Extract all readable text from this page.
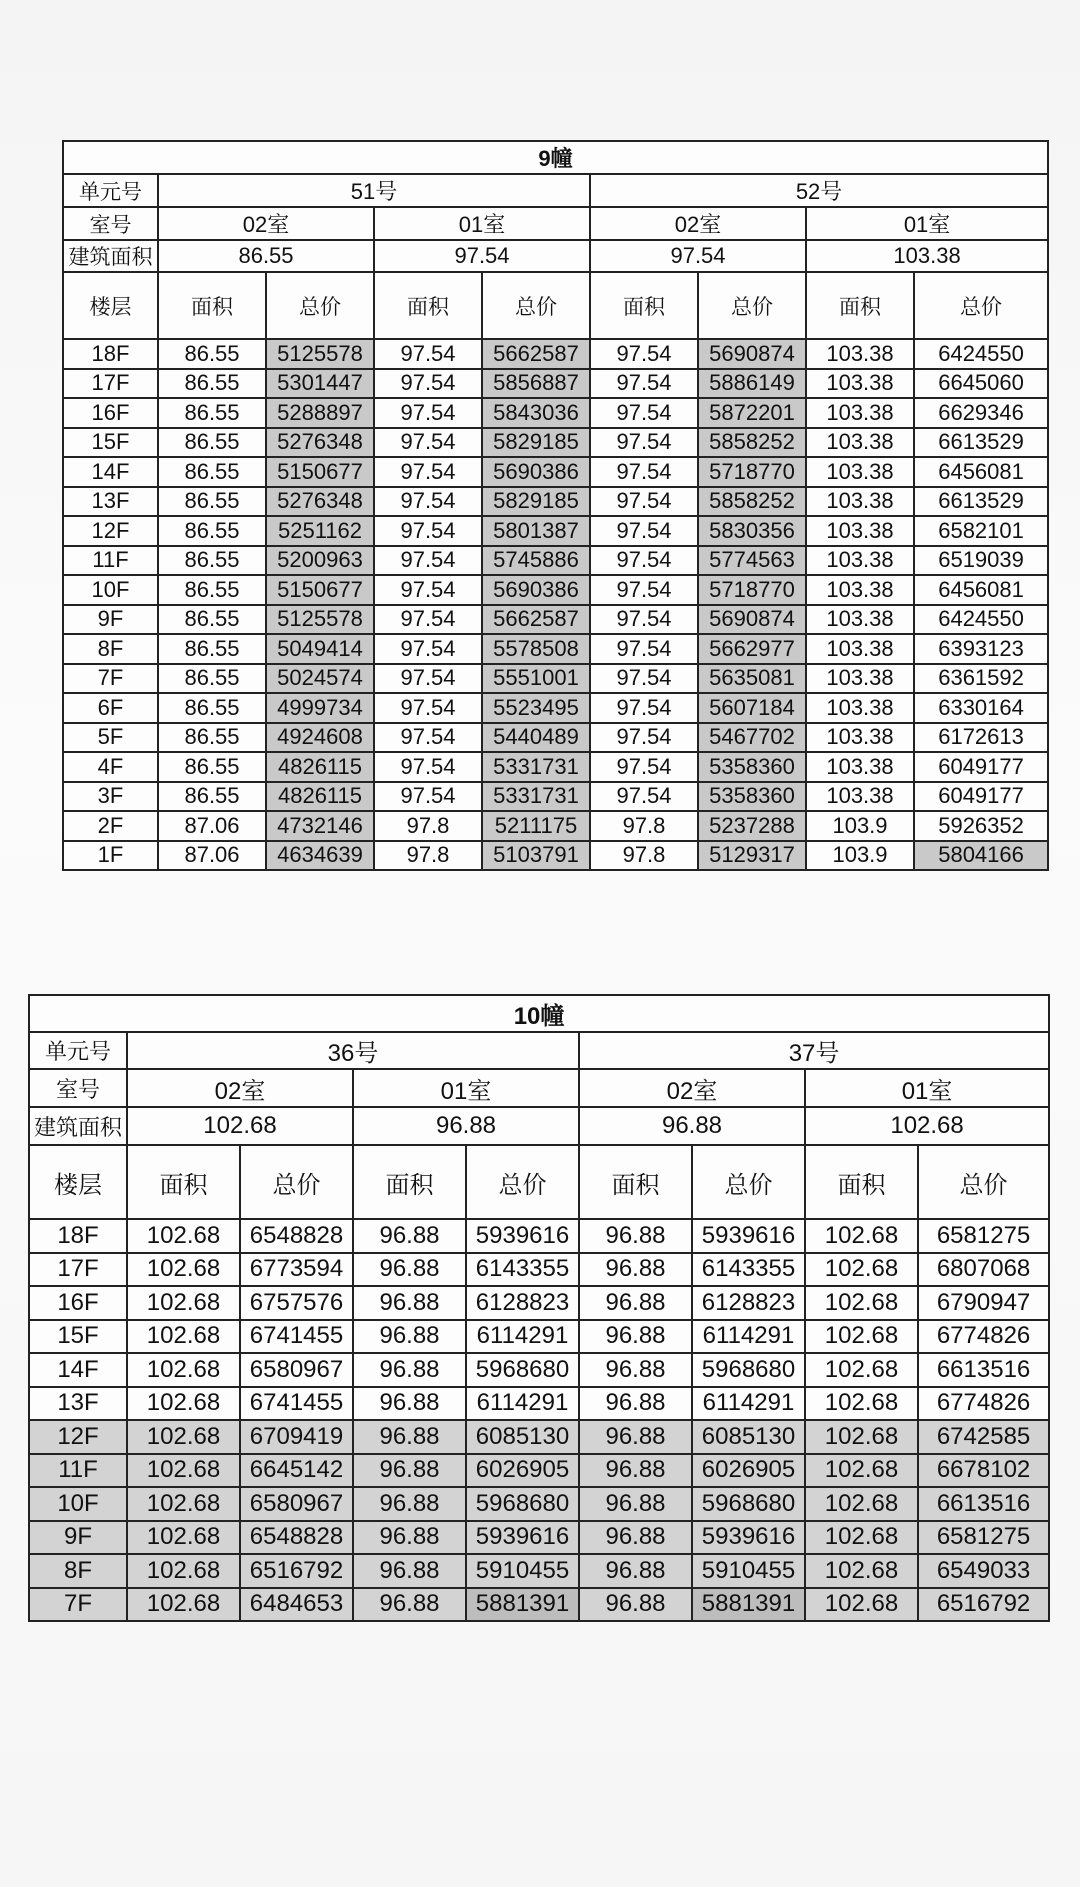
9幢								
单元号	51号				52号			
室号	02室		01室		02室		01室	
建筑面积	86.55		97.54		97.54		103.38	
楼层	面积	总价	面积	总价	面积	总价	面积	总价
18F	86.55	5125578	97.54	5662587	97.54	5690874	103.38	6424550
17F	86.55	5301447	97.54	5856887	97.54	5886149	103.38	6645060
16F	86.55	5288897	97.54	5843036	97.54	5872201	103.38	6629346
15F	86.55	5276348	97.54	5829185	97.54	5858252	103.38	6613529
14F	86.55	5150677	97.54	5690386	97.54	5718770	103.38	6456081
13F	86.55	5276348	97.54	5829185	97.54	5858252	103.38	6613529
12F	86.55	5251162	97.54	5801387	97.54	5830356	103.38	6582101
11F	86.55	5200963	97.54	5745886	97.54	5774563	103.38	6519039
10F	86.55	5150677	97.54	5690386	97.54	5718770	103.38	6456081
9F	86.55	5125578	97.54	5662587	97.54	5690874	103.38	6424550
8F	86.55	5049414	97.54	5578508	97.54	5662977	103.38	6393123
7F	86.55	5024574	97.54	5551001	97.54	5635081	103.38	6361592
6F	86.55	4999734	97.54	5523495	97.54	5607184	103.38	6330164
5F	86.55	4924608	97.54	5440489	97.54	5467702	103.38	6172613
4F	86.55	4826115	97.54	5331731	97.54	5358360	103.38	6049177
3F	86.55	4826115	97.54	5331731	97.54	5358360	103.38	6049177
2F	87.06	4732146	97.8	5211175	97.8	5237288	103.9	5926352
1F	87.06	4634639	97.8	5103791	97.8	5129317	103.9	5804166
10幢								
单元号	36号				37号			
室号	02室		01室		02室		01室	
建筑面积	102.68		96.88		96.88		102.68	
楼层	面积	总价	面积	总价	面积	总价	面积	总价
18F	102.68	6548828	96.88	5939616	96.88	5939616	102.68	6581275
17F	102.68	6773594	96.88	6143355	96.88	6143355	102.68	6807068
16F	102.68	6757576	96.88	6128823	96.88	6128823	102.68	6790947
15F	102.68	6741455	96.88	6114291	96.88	6114291	102.68	6774826
14F	102.68	6580967	96.88	5968680	96.88	5968680	102.68	6613516
13F	102.68	6741455	96.88	6114291	96.88	6114291	102.68	6774826
12F	102.68	6709419	96.88	6085130	96.88	6085130	102.68	6742585
11F	102.68	6645142	96.88	6026905	96.88	6026905	102.68	6678102
10F	102.68	6580967	96.88	5968680	96.88	5968680	102.68	6613516
9F	102.68	6548828	96.88	5939616	96.88	5939616	102.68	6581275
8F	102.68	6516792	96.88	5910455	96.88	5910455	102.68	6549033
7F	102.68	6484653	96.88	5881391	96.88	5881391	102.68	6516792
